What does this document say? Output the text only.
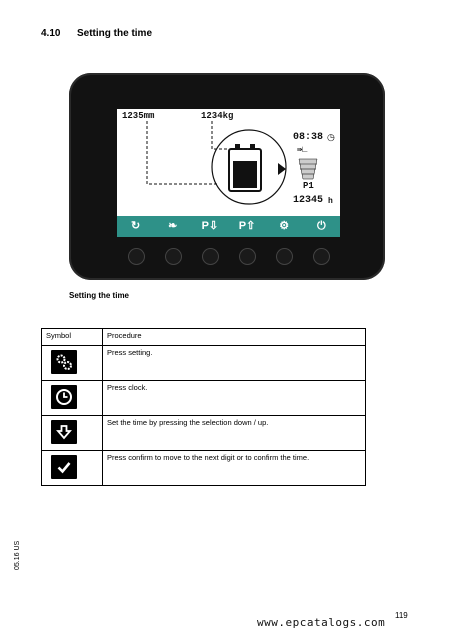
4.10 Setting the time
1235mm	1234kg
08:38 ◷
⇛∟
P1
12345 h
↻	❧	P⇩	P⇧	⚙	⏻
Setting the time
Symbol	Procedure

	Press setting.

	Press clock.

	Set the time by pressing the selection down / up.

	Press confirm to move to the next digit or to confirm the time.
05.16 US
119
www.epcatalogs.com
